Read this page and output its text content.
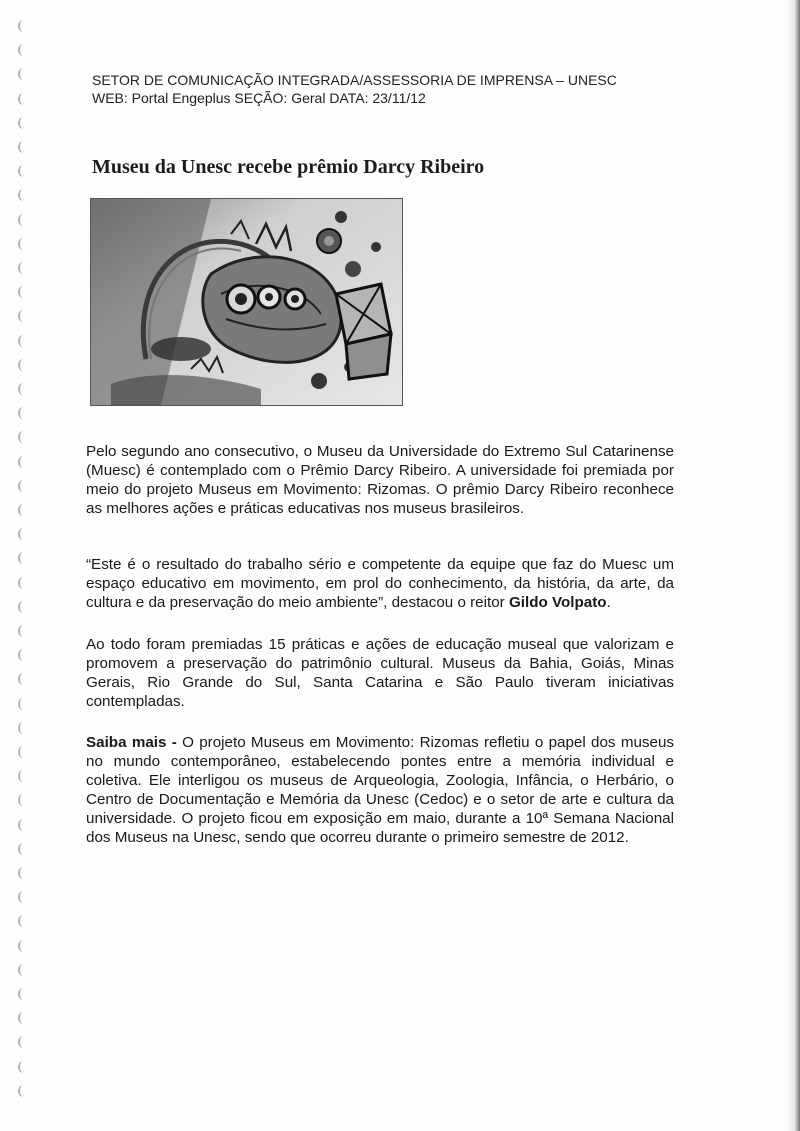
SETOR DE COMUNICAÇÃO INTEGRADA/ASSESSORIA DE IMPRENSA – UNESC
WEB: Portal Engeplus SEÇÃO: Geral DATA: 23/11/12
Museu da Unesc recebe prêmio Darcy Ribeiro
Pelo segundo ano consecutivo, o Museu da Universidade do Extremo Sul Catarinense (Muesc) é contemplado com o Prêmio Darcy Ribeiro. A universidade foi premiada por meio do projeto Museus em Movimento: Rizomas. O prêmio Darcy Ribeiro reconhece as melhores ações e práticas educativas nos museus brasileiros.
“Este é o resultado do trabalho sério e competente da equipe que faz do Muesc um espaço educativo em movimento, em prol do conhecimento, da história, da arte, da cultura e da preservação do meio ambiente”, destacou o reitor Gildo Volpato.
Ao todo foram premiadas 15 práticas e ações de educação museal que valorizam e promovem a preservação do patrimônio cultural. Museus da Bahia, Goiás, Minas Gerais, Rio Grande do Sul, Santa Catarina e São Paulo tiveram iniciativas contempladas.
Saiba mais - O projeto Museus em Movimento: Rizomas refletiu o papel dos museus no mundo contemporâneo, estabelecendo pontes entre a memória individual e coletiva. Ele interligou os museus de Arqueologia, Zoologia, Infância, o Herbário, o Centro de Documentação e Memória da Unesc (Cedoc) e o setor de arte e cultura da universidade. O projeto ficou em exposição em maio, durante a 10ª Semana Nacional dos Museus na Unesc, sendo que ocorreu durante o primeiro semestre de 2012.
